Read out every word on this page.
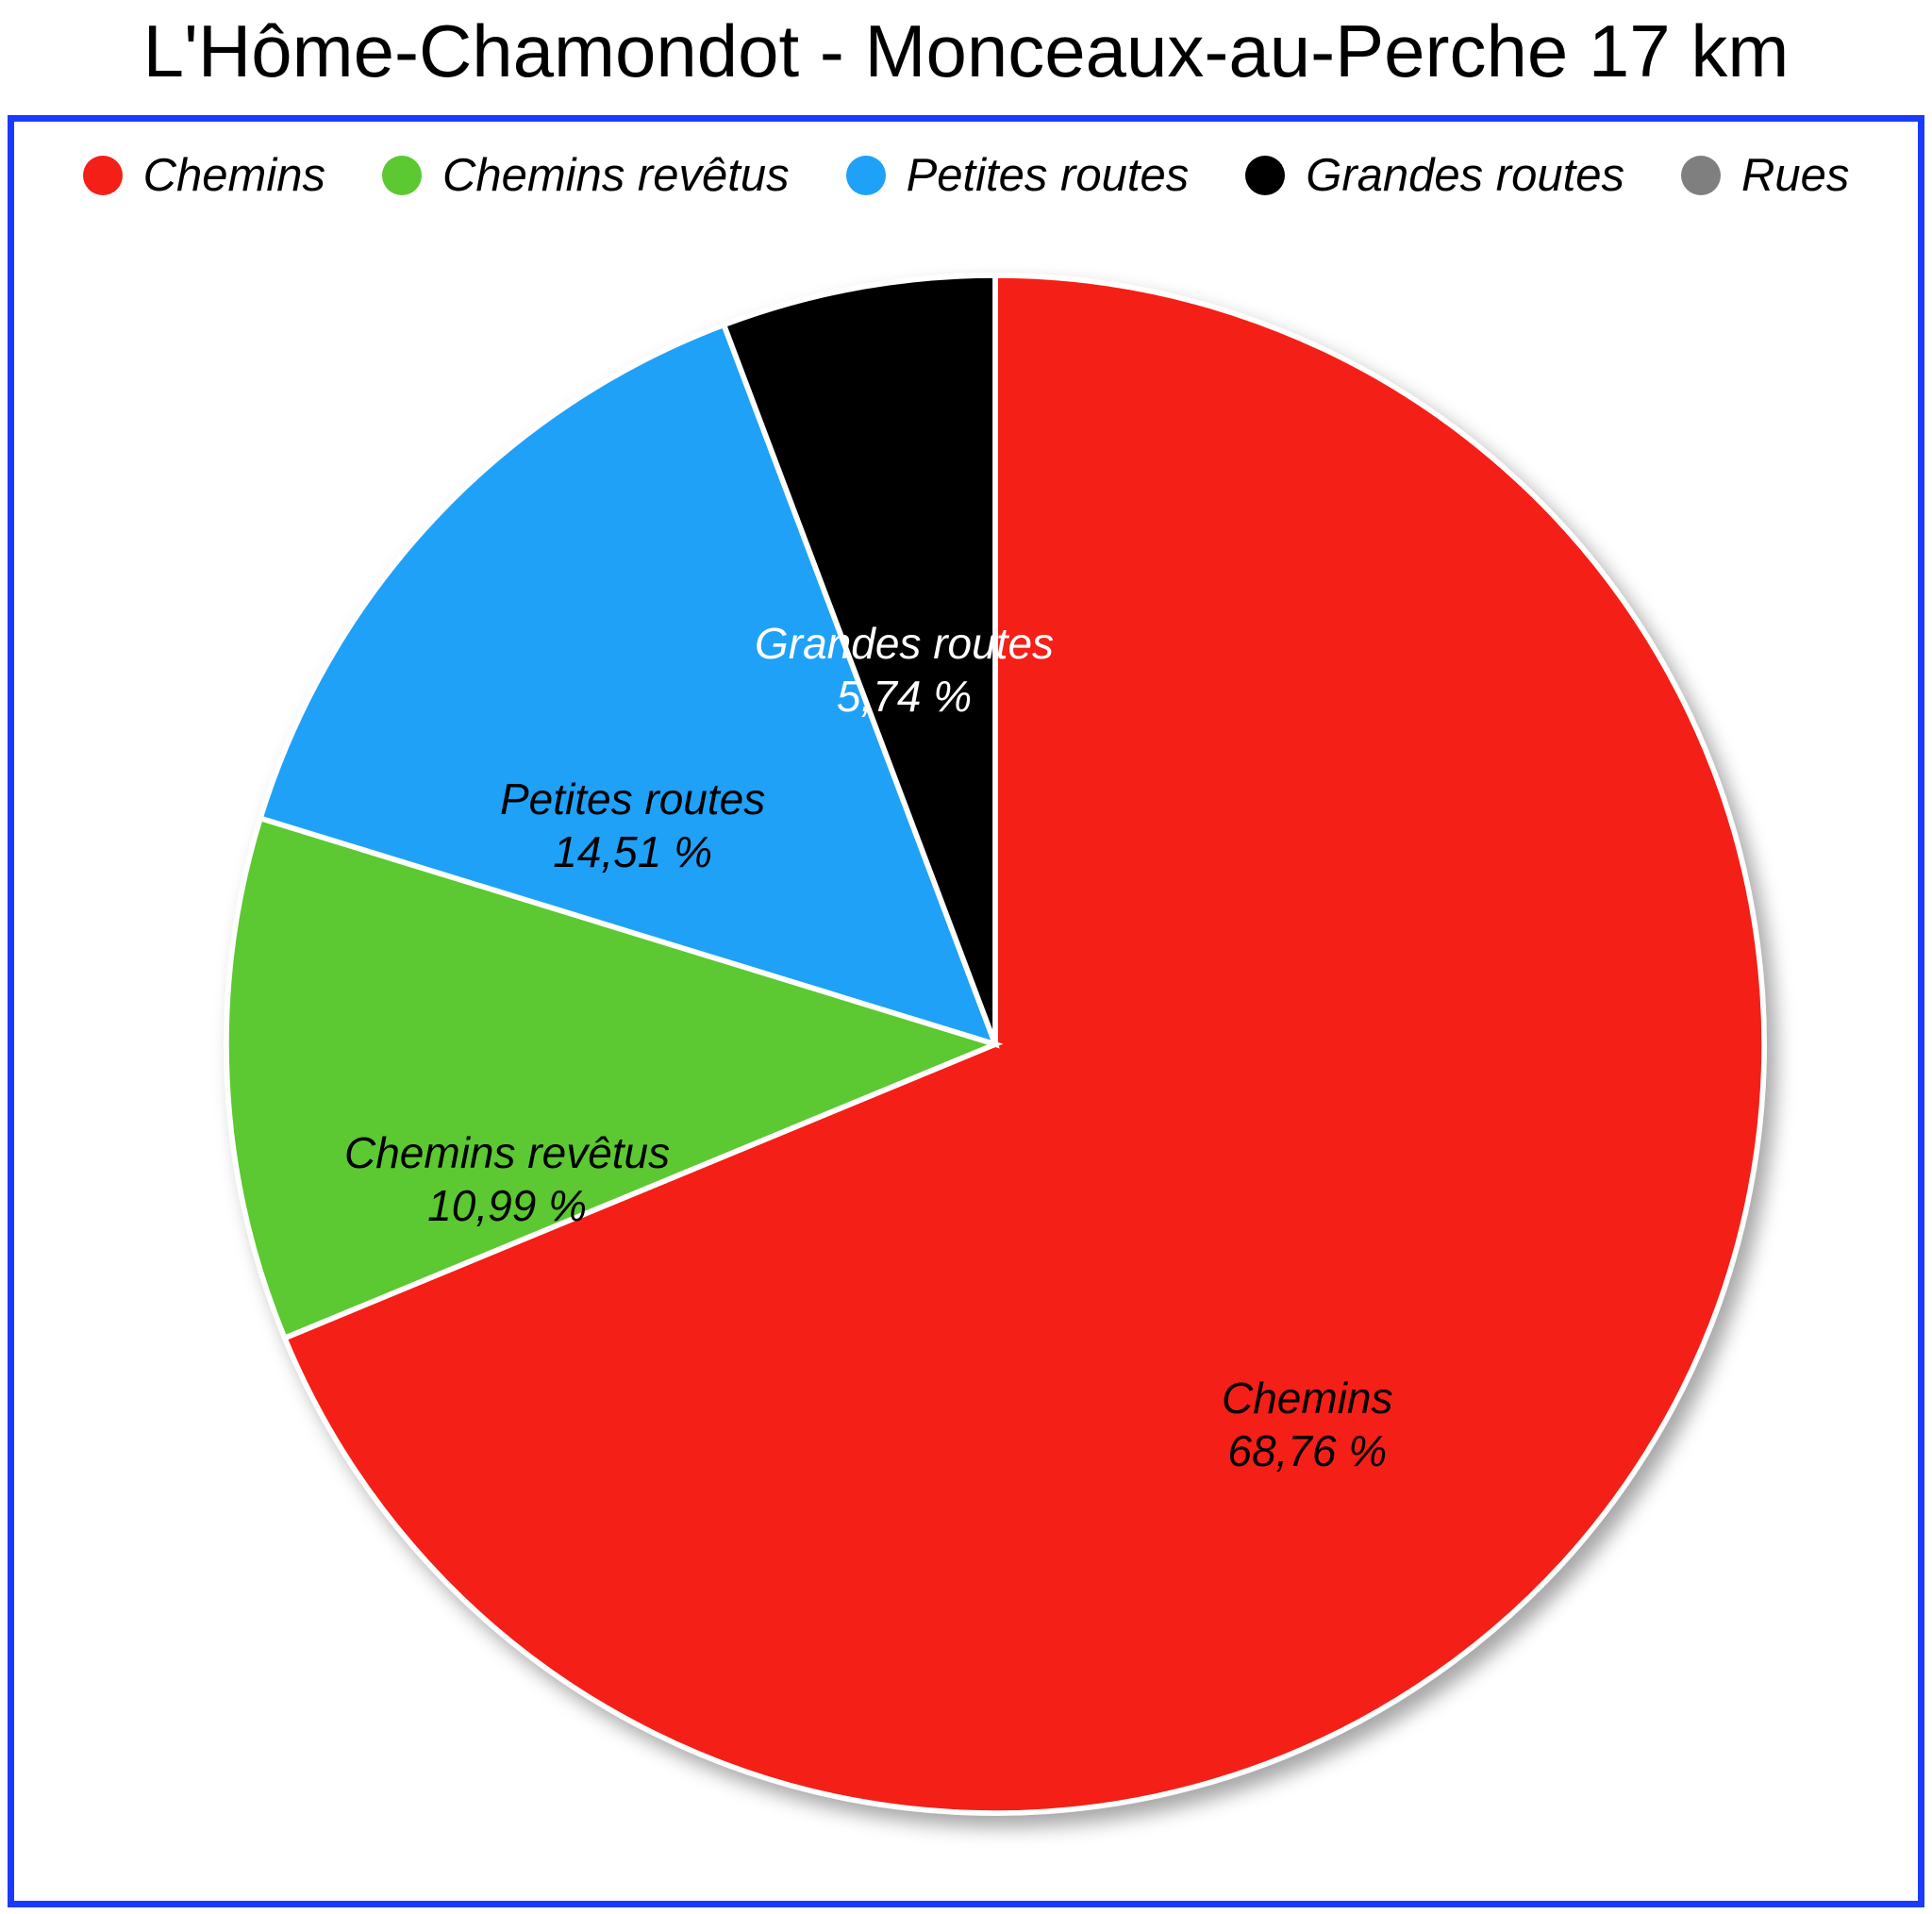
L'Hôme-Chamondot - Monceaux-au-Perche 17 km
Chemins	Chemins revêtus	Petites routes	Grandes routes	Rues
Chemins
68,76 %
Chemins revêtus
10,99 %
Petites routes
14,51 %
Grandes routes
5,74 %
